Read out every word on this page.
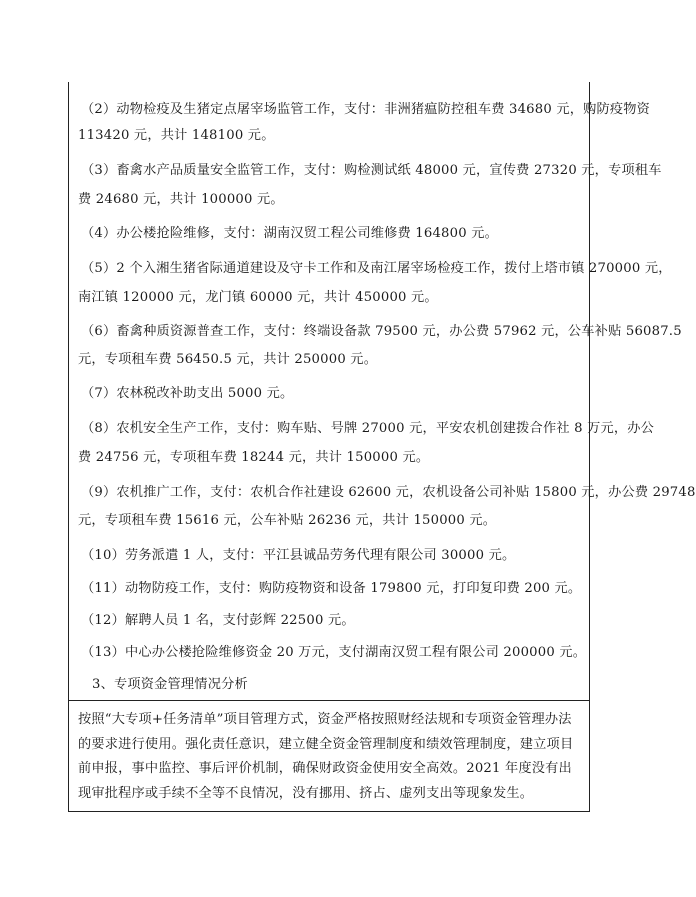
（2）动物检疫及生猪定点屠宰场监管工作，支付：非洲猪瘟防控租车费 34680 元，购防疫物资
113420 元，共计 148100 元。
（3）畜禽水产品质量安全监管工作，支付：购检测试纸 48000 元，宣传费 27320 元，专项租车
费 24680 元，共计 100000 元。
（4）办公楼抢险维修，支付：湖南汉贸工程公司维修费 164800 元。
（5）2 个入湘生猪省际通道建设及守卡工作和及南江屠宰场检疫工作，拨付上塔市镇 270000 元，
南江镇 120000 元，龙门镇 60000 元，共计 450000 元。
（6）畜禽种质资源普查工作，支付：终端设备款 79500 元，办公费 57962 元，公车补贴 56087.5
元，专项租车费 56450.5 元，共计 250000 元。
（7）农林税改补助支出 5000 元。
（8）农机安全生产工作，支付：购车贴、号牌 27000 元，平安农机创建拨合作社 8 万元，办公
费 24756 元，专项租车费 18244 元，共计 150000 元。
（9）农机推广工作，支付：农机合作社建设 62600 元，农机设备公司补贴 15800 元，办公费 29748
元，专项租车费 15616 元，公车补贴 26236 元，共计 150000 元。
（10）劳务派遣 1 人，支付：平江县诚品劳务代理有限公司 30000 元。
（11）动物防疫工作，支付：购防疫物资和设备 179800 元，打印复印费 200 元。
（12）解聘人员 1 名，支付彭辉 22500 元。
（13）中心办公楼抢险维修资金 20 万元，支付湖南汉贸工程有限公司 200000 元。
3、专项资金管理情况分析
按照“大专项+任务清单”项目管理方式，资金严格按照财经法规和专项资金管理办法的要求进行使用。强化责任意识，建立健全资金管理制度和绩效管理制度，建立项目前申报，事中监控、事后评价机制，确保财政资金使用安全高效。2021 年度没有出现审批程序或手续不全等不良情况，没有挪用、挤占、虚列支出等现象发生。
